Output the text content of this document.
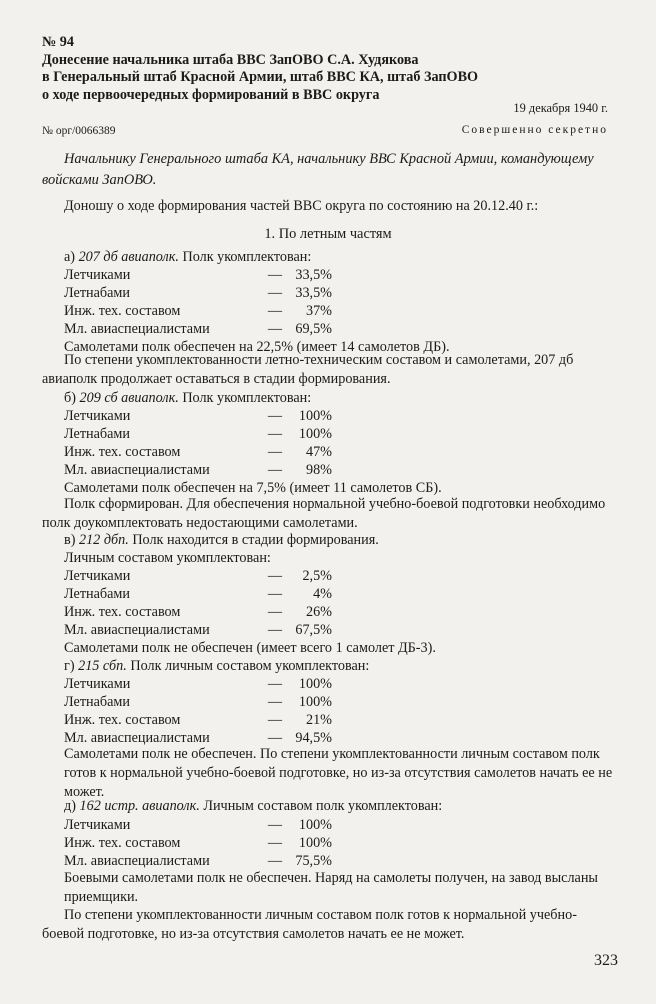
.
№ 94
Донесение начальника штаба ВВС ЗапОВО С.А. Худякова
в Генеральный штаб Красной Армии, штаб ВВС КА, штаб ЗапОВО
о ходе первоочередных формирований в ВВС округа
19 декабря 1940 г.
№ орг/0066389	Совершенно секретно
Начальнику Генерального штаба КА, начальнику ВВС Красной Армии, командующему войсками ЗапОВО.
Доношу о ходе формирования частей ВВС округа по состоянию на 20.12.40 г.:
1. По летным частям
а) 207 дб авиаполк. Полк укомплектован:
Летчиками	— 33,5%
Летнабами	— 33,5%
Инж. тех. составом	— 37%
Мл. авиаспециалистами	— 69,5%
Самолетами полк обеспечен на 22,5% (имеет 14 самолетов ДБ).
По степени укомплектованности летно-техническим составом и самолетами, 207 дб авиаполк продолжает оставаться в стадии формирования.
б) 209 сб авиаполк. Полк укомплектован:
Летчиками	— 100%
Летнабами	— 100%
Инж. тех. составом	— 47%
Мл. авиаспециалистами	— 98%
Самолетами полк обеспечен на 7,5% (имеет 11 самолетов СБ).
Полк сформирован. Для обеспечения нормальной учебно-боевой подготовки необходимо полк доукомплектовать недостающими самолетами.
в) 212 дбп. Полк находится в стадии формирования.
Личным составом укомплектован:
Летчиками	— 2,5%
Летнабами	— 4%
Инж. тех. составом	— 26%
Мл. авиаспециалистами	— 67,5%
Самолетами полк не обеспечен (имеет всего 1 самолет ДБ-3).
г) 215 сбп. Полк личным составом укомплектован:
Летчиками	— 100%
Летнабами	— 100%
Инж. тех. составом	— 21%
Мл. авиаспециалистами	— 94,5%
Самолетами полк не обеспечен. По степени укомплектованности личным составом полк готов к нормальной учебно-боевой подготовке, но из-за отсутствия самолетов начать ее не может.
д) 162 истр. авиаполк. Личным составом полк укомплектован:
Летчиками	— 100%
Инж. тех. составом	— 100%
Мл. авиаспециалистами	— 75,5%
Боевыми самолетами полк не обеспечен. Наряд на самолеты получен, на завод высланы приемщики.
По степени укомплектованности личным составом полк готов к нормальной учебно-боевой подготовке, но из-за отсутствия самолетов начать ее не может.
323
